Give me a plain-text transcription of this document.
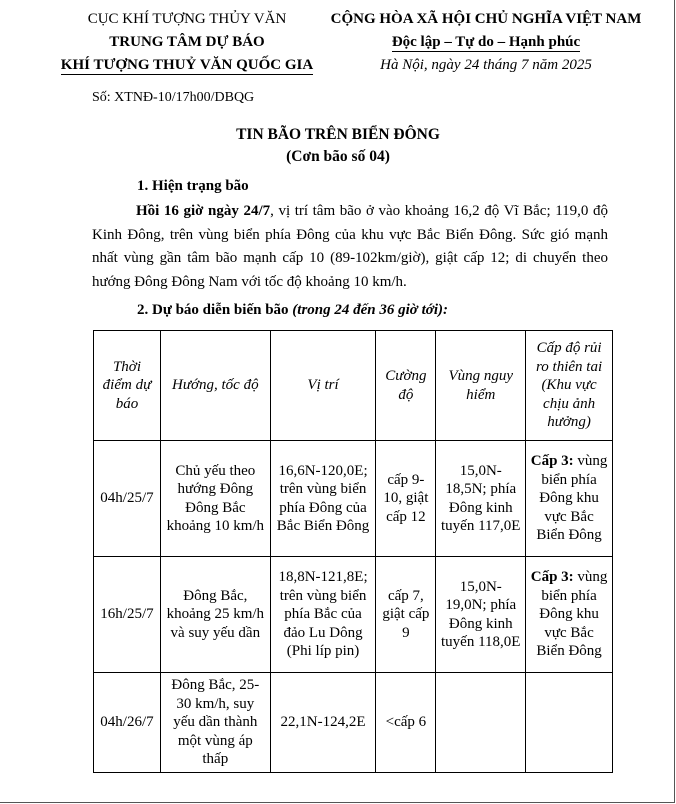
CỤC KHÍ TƯỢNG THỦY VĂN
TRUNG TÂM DỰ BÁO
KHÍ TƯỢNG THUỶ VĂN QUỐC GIA
CỘNG HÒA XÃ HỘI CHỦ NGHĨA VIỆT NAM
Độc lập – Tự do – Hạnh phúc
Hà Nội, ngày 24 tháng 7 năm 2025
Số: XTNĐ-10/17h00/DBQG
TIN BÃO TRÊN BIỂN ĐÔNG
(Cơn bão số 04)
1. Hiện trạng bão
Hồi 16 giờ ngày 24/7, vị trí tâm bão ở vào khoảng 16,2 độ Vĩ Bắc; 119,0 độ Kinh Đông, trên vùng biển phía Đông của khu vực Bắc Biển Đông. Sức gió mạnh nhất vùng gần tâm bão mạnh cấp 10 (89-102km/giờ), giật cấp 12; di chuyển theo hướng Đông Đông Nam với tốc độ khoảng 10 km/h.
2. Dự báo diễn biến bão (trong 24 đến 36 giờ tới):
Thời điểm dự báo	Hướng, tốc độ	Vị trí	Cường độ	Vùng nguy hiểm	Cấp độ rủi ro thiên tai (Khu vực chịu ảnh hưởng)
04h/25/7	Chủ yếu theo hướng Đông Đông Bắc khoảng 10 km/h	16,6N-120,0E; trên vùng biển phía Đông của Bắc Biển Đông	cấp 9-10, giật cấp 12	15,0N-18,5N; phía Đông kinh tuyến 117,0E	Cấp 3: vùng biển phía Đông khu vực Bắc Biển Đông
16h/25/7	Đông Bắc, khoảng 25 km/h và suy yếu dần	18,8N-121,8E; trên vùng biển phía Bắc của đảo Lu Dông (Phi líp pin)	cấp 7, giật cấp 9	15,0N-19,0N; phía Đông kinh tuyến 118,0E	Cấp 3: vùng biển phía Đông khu vực Bắc Biển Đông
04h/26/7	Đông Bắc, 25-30 km/h, suy yếu dần thành một vùng áp thấp	22,1N-124,2E	<cấp 6		
